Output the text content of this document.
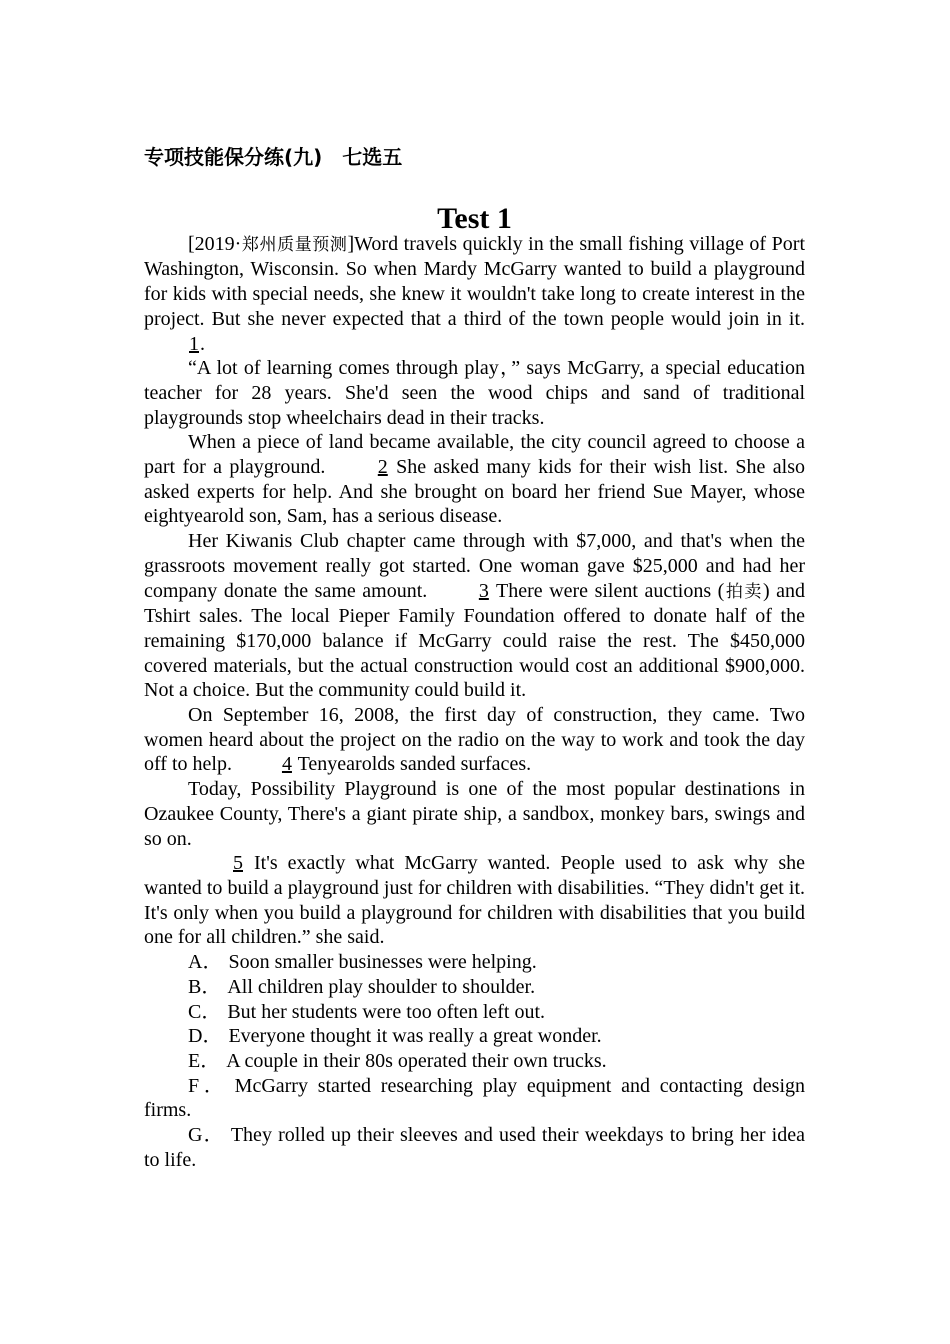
专项技能保分练(九)　七选五
Test 1

[2019·郑州质量预测]Word travels quickly in the small fishing village of Port Washington, Wisconsin. So when Mardy McGarry wanted to build a playground for kids with special needs, she knew it wouldn't take long to create interest in the project. But she never expected that a third of the town people would join in it. 1.

“A lot of learning comes through play，” says McGarry, a special education teacher for 28 years. She'd seen the wood chips and sand of traditional playgrounds stop wheelchairs dead in their tracks.

When a piece of land became available, the city council agreed to choose a part for a playground. 2 She asked many kids for their wish list. She also asked experts for help. And she brought on board her friend Sue Mayer, whose eightyearold son, Sam, has a serious disease.

Her Kiwanis Club chapter came through with $7,000, and that's when the grassroots movement really got started. One woman gave $25,000 and had her company donate the same amount. 3 There were silent auctions (拍卖) and Tshirt sales. The local Pieper Family Foundation offered to donate half of the remaining $170,000 balance if McGarry could raise the rest. The $450,000 covered materials, but the actual construction would cost an additional $900,000. Not a choice. But the community could build it.

On September 16, 2008, the first day of construction, they came. Two women heard about the project on the radio on the way to work and took the day off to help. 4 Tenyearolds sanded surfaces.

Today, Possibility Playground is one of the most popular destinations in Ozaukee County, There's a giant pirate ship, a sandbox, monkey bars, swings and so on.

5 It's exactly what McGarry wanted. People used to ask why she wanted to build a playground just for children with disabilities. “They didn't get it. It's only when you build a playground for children with disabilities that you build one for all children.” she said.

A． Soon smaller businesses were helping.

B． All children play shoulder to shoulder.

C． But her students were too often left out.

D． Everyone thought it was really a great wonder.

E． A couple in their 80s operated their own trucks.

F． McGarry started researching play equipment and contacting design firms.

G． They rolled up their sleeves and used their weekdays to bring her idea to life.
